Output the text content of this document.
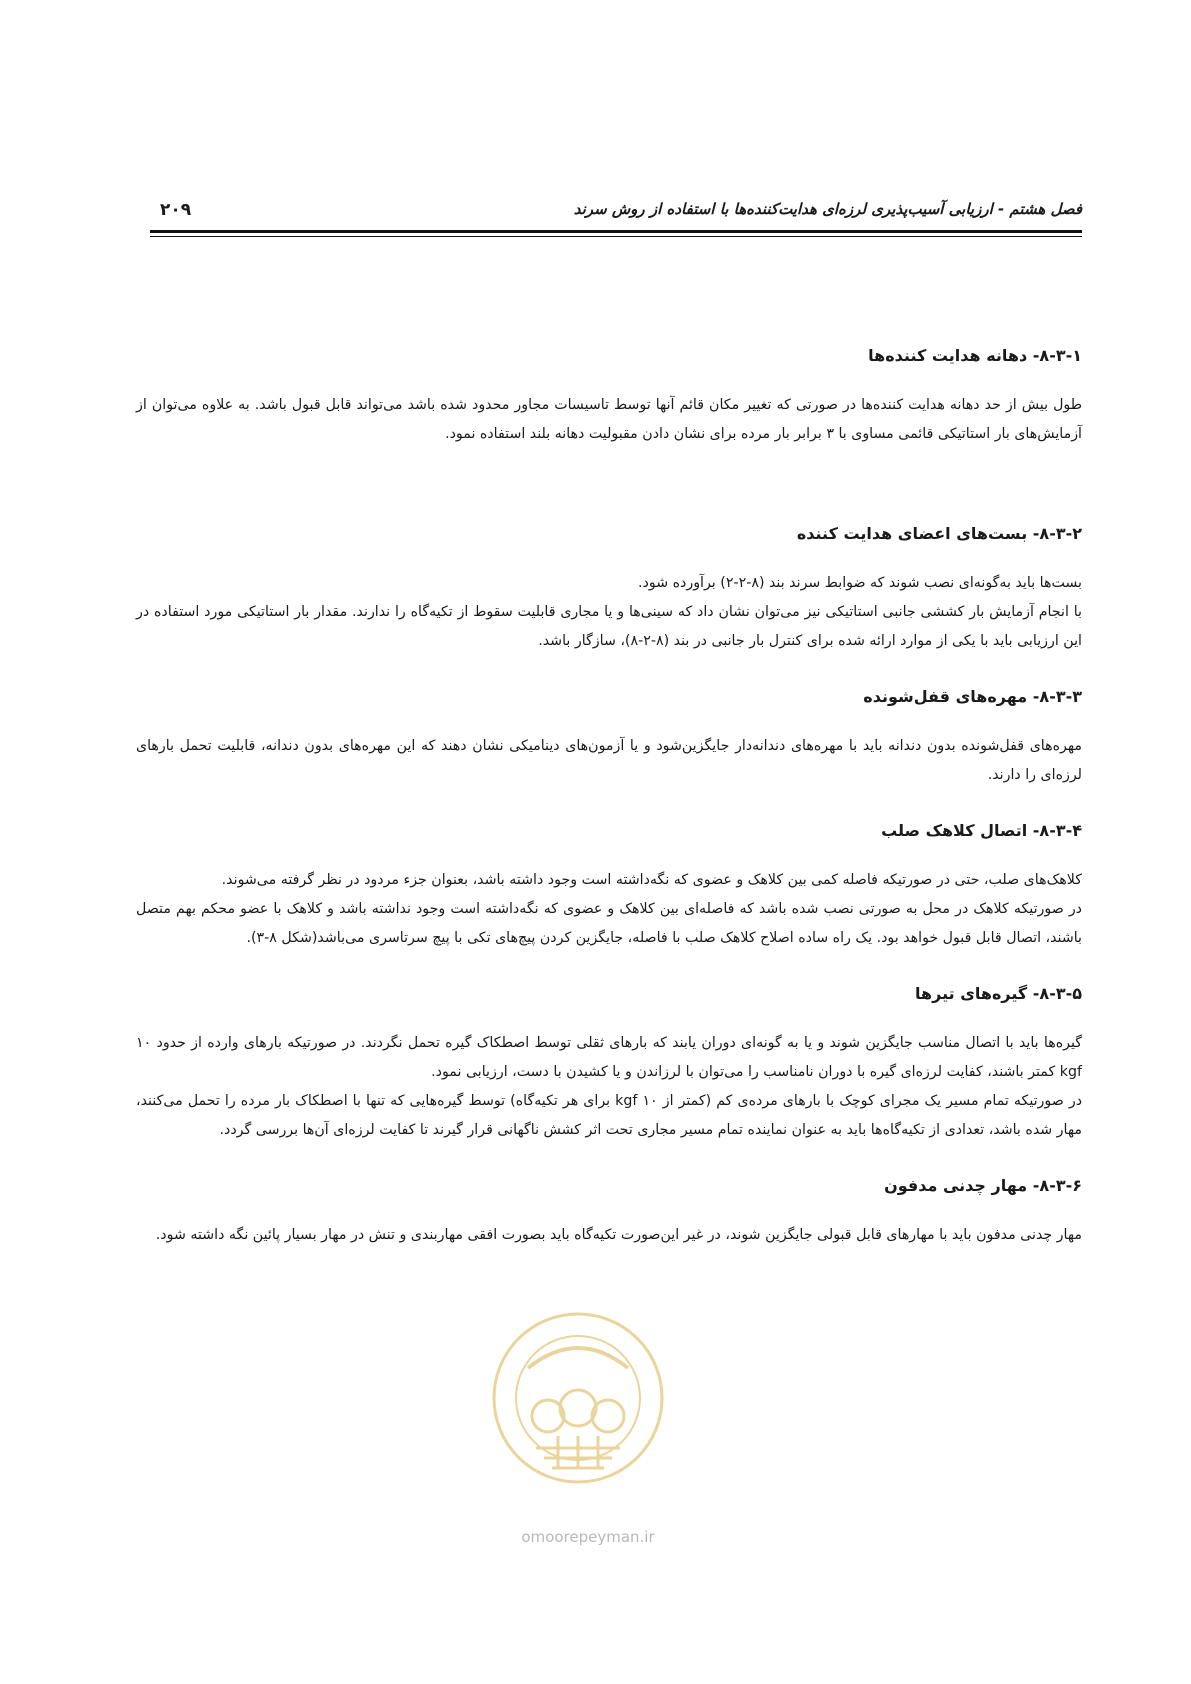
فصل هشتم - ارزیابی آسیب‌پذیری لرزه‌ای هدایت‌کننده‌ها با استفاده از روش سرند
۲۰۹
۸-۳-۱- دهانه هدایت کننده‌ها

طول بیش از حد دهانه هدایت کننده‌ها در صورتی که تغییر مکان قائم آنها توسط تاسیسات مجاور محدود شده باشد می‌تواند قابل قبول باشد. به علاوه می‌توان از آزمایش‌های بار استاتیکی قائمی مساوی با ۳ برابر بار مرده برای نشان دادن مقبولیت دهانه بلند استفاده نمود.

۸-۳-۲- بست‌های اعضای هدایت کننده

بست‌ها باید به‌گونه‌ای نصب شوند که ضوابط سرند بند (۸-۲-۲) برآورده شود.

با انجام آزمایش بار کششی جانبی استاتیکی نیز می‌توان نشان داد که سینی‌ها و یا مجاری قابلیت سقوط از تکیه‌گاه را ندارند. مقدار بار استاتیکی مورد استفاده در این ارزیابی باید با یکی از موارد ارائه شده برای کنترل بار جانبی در بند (۸-۲-۸)، سازگار باشد.

۸-۳-۳- مهره‌های قفل‌شونده

مهره‌های قفل‌شونده بدون دندانه باید با مهره‌های دندانه‌دار جایگزین‌شود و یا آزمون‌های دینامیکی نشان دهند که این مهره‌های بدون دندانه، قابلیت تحمل بارهای لرزه‌ای را دارند.

۸-۳-۴- اتصال کلاهک صلب

کلاهک‌های صلب، حتی در صورتیکه فاصله کمی بین کلاهک و عضوی که نگه‌داشته است وجود داشته باشد، بعنوان جزء مردود در نظر گرفته می‌شوند.

در صورتیکه کلاهک در محل به صورتی نصب شده باشد که فاصله‌ای بین کلاهک و عضوی که نگه‌داشته است وجود نداشته باشد و کلاهک با عضو محکم بهم متصل باشند، اتصال قابل قبول خواهد بود. یک راه ساده اصلاح کلاهک صلب با فاصله، جایگزین کردن پیچ‌های تکی با پیچ سرتاسری می‌باشد(شکل ۸-۳).

۸-۳-۵- گیره‌های تیرها

گیره‌ها باید با اتصال مناسب جایگزین شوند و یا به گونه‌ای دوران یابند که بارهای ثقلی توسط اصطکاک گیره تحمل نگردند. در صورتیکه بارهای وارده از حدود ۱۰ kgf کمتر باشند، کفایت لرزه‌ای گیره با دوران نامناسب را می‌توان با لرزاندن و یا کشیدن با دست، ارزیابی نمود.

در صورتیکه تمام مسیر یک مجرای کوچک با بارهای مرده‌ی کم (کمتر از ۱۰ kgf برای هر تکیه‌گاه) توسط گیره‌هایی که تنها با اصطکاک بار مرده را تحمل می‌کنند، مهار شده باشد، تعدادی از تکیه‌گاه‌ها باید به عنوان نماینده تمام مسیر مجاری تحت اثر کشش ناگهانی قرار گیرند تا کفایت لرزه‌ای آن‌ها بررسی گردد.

۸-۳-۶- مهار چدنی مدفون

مهار چدنی مدفون باید با مهارهای قابل قبولی جایگزین شوند، در غیر این‌صورت تکیه‌گاه باید بصورت افقی مهاربندی و تنش در مهار بسیار پائین نگه داشته شود.

omoorepeyman.ir
